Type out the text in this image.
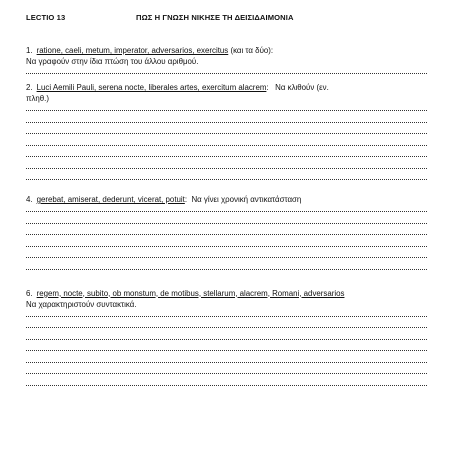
LECTIO 13	ΠΩΣ Η ΓΝΩΣΗ ΝΙΚΗΣΕ ΤΗ ΔΕΙΣΙΔΑΙΜΟΝΙΑ
1. ratione, caeli, metum, imperator, adversarios, exercitus (και τα δύο):
Να γραφούν στην ίδια πτώση του άλλου αριθμού.
2. Luci Aemili Pauli, serena nocte, liberales artes, exercitum alacrem:   Να κλιθούν (εν.
πληθ.)
4. gerebat, amiserat, dederunt, vicerat, potuit:  Να γίνει χρονική αντικατάσταση
6. regem, nocte, subito, ob monstum, de motibus, stellarum, alacrem, Romani, adversarios
Να χαρακτηριστούν συντακτικά.
